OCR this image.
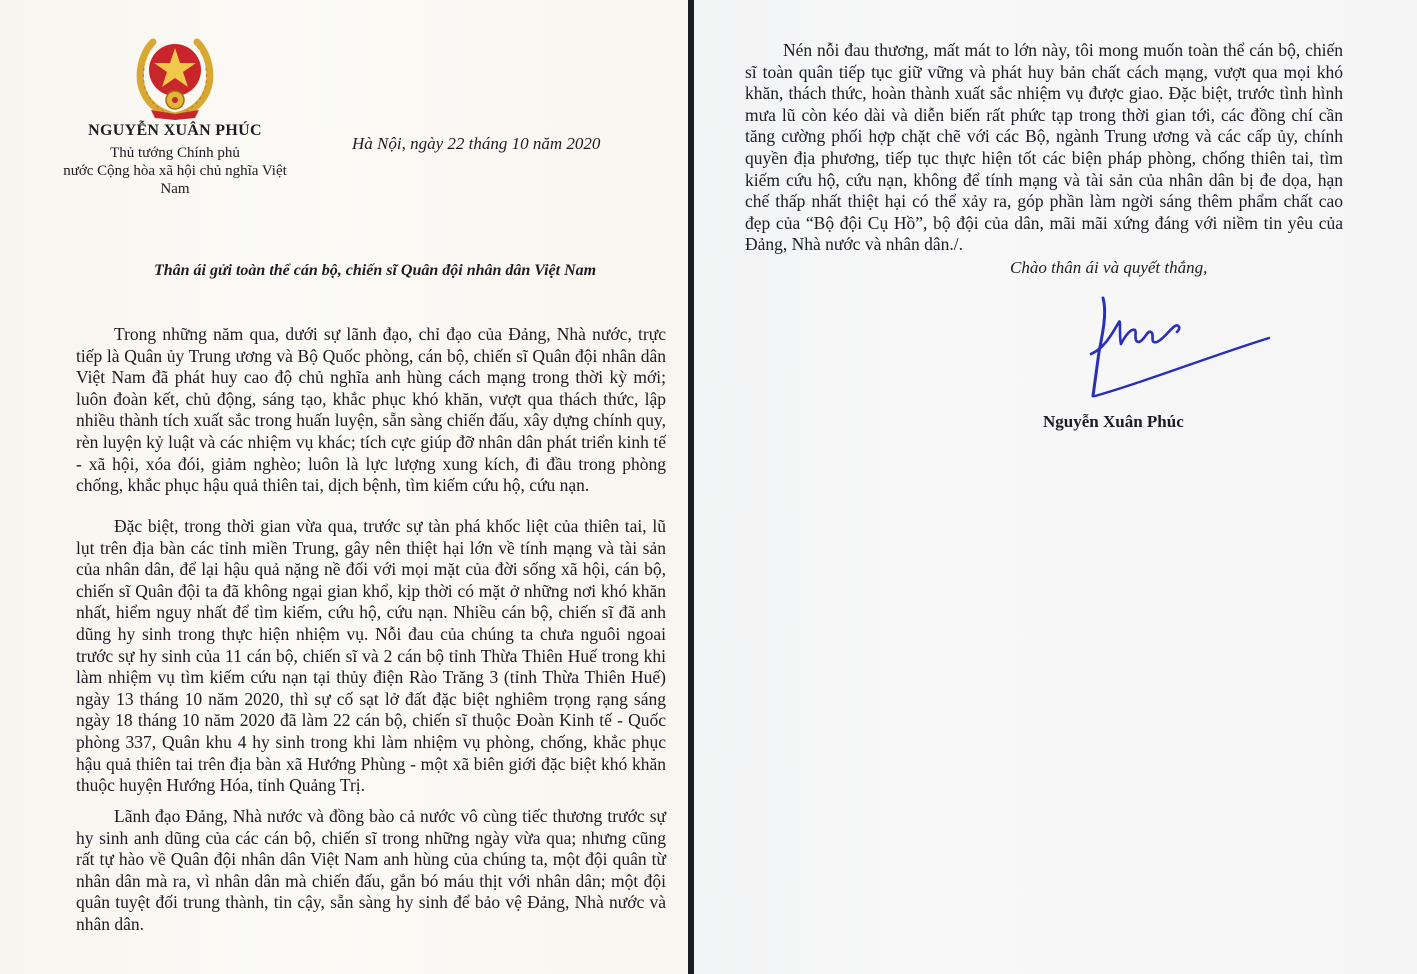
NGUYỄN XUÂN PHÚC
Thủ tướng Chính phủ
nước Cộng hòa xã hội chủ nghĩa Việt Nam
Hà Nội, ngày 22 tháng 10 năm 2020
Thân ái gửi toàn thể cán bộ, chiến sĩ Quân đội nhân dân Việt Nam
Trong những năm qua, dưới sự lãnh đạo, chỉ đạo của Đảng, Nhà nước, trực tiếp là Quân ủy Trung ương và Bộ Quốc phòng, cán bộ, chiến sĩ Quân đội nhân dân Việt Nam đã phát huy cao độ chủ nghĩa anh hùng cách mạng trong thời kỳ mới; luôn đoàn kết, chủ động, sáng tạo, khắc phục khó khăn, vượt qua thách thức, lập nhiều thành tích xuất sắc trong huấn luyện, sẵn sàng chiến đấu, xây dựng chính quy, rèn luyện kỷ luật và các nhiệm vụ khác; tích cực giúp đỡ nhân dân phát triển kinh tế - xã hội, xóa đói, giảm nghèo; luôn là lực lượng xung kích, đi đầu trong phòng chống, khắc phục hậu quả thiên tai, dịch bệnh, tìm kiếm cứu hộ, cứu nạn.
Đặc biệt, trong thời gian vừa qua, trước sự tàn phá khốc liệt của thiên tai, lũ lụt trên địa bàn các tỉnh miền Trung, gây nên thiệt hại lớn về tính mạng và tài sản của nhân dân, để lại hậu quả nặng nề đối với mọi mặt của đời sống xã hội, cán bộ, chiến sĩ Quân đội ta đã không ngại gian khổ, kịp thời có mặt ở những nơi khó khăn nhất, hiểm nguy nhất để tìm kiếm, cứu hộ, cứu nạn. Nhiều cán bộ, chiến sĩ đã anh dũng hy sinh trong thực hiện nhiệm vụ. Nỗi đau của chúng ta chưa nguôi ngoai trước sự hy sinh của 11 cán bộ, chiến sĩ và 2 cán bộ tỉnh Thừa Thiên Huế trong khi làm nhiệm vụ tìm kiếm cứu nạn tại thủy điện Rào Trăng 3 (tỉnh Thừa Thiên Huế) ngày 13 tháng 10 năm 2020, thì sự cố sạt lở đất đặc biệt nghiêm trọng rạng sáng ngày 18 tháng 10 năm 2020 đã làm 22 cán bộ, chiến sĩ thuộc Đoàn Kinh tế - Quốc phòng 337, Quân khu 4 hy sinh trong khi làm nhiệm vụ phòng, chống, khắc phục hậu quả thiên tai trên địa bàn xã Hướng Phùng - một xã biên giới đặc biệt khó khăn thuộc huyện Hướng Hóa, tỉnh Quảng Trị.
Lãnh đạo Đảng, Nhà nước và đồng bào cả nước vô cùng tiếc thương trước sự hy sinh anh dũng của các cán bộ, chiến sĩ trong những ngày vừa qua; nhưng cũng rất tự hào về Quân đội nhân dân Việt Nam anh hùng của chúng ta, một đội quân từ nhân dân mà ra, vì nhân dân mà chiến đấu, gắn bó máu thịt với nhân dân; một đội quân tuyệt đối trung thành, tin cậy, sẵn sàng hy sinh để bảo vệ Đảng, Nhà nước và nhân dân.
Nén nỗi đau thương, mất mát to lớn này, tôi mong muốn toàn thể cán bộ, chiến sĩ toàn quân tiếp tục giữ vững và phát huy bản chất cách mạng, vượt qua mọi khó khăn, thách thức, hoàn thành xuất sắc nhiệm vụ được giao. Đặc biệt, trước tình hình mưa lũ còn kéo dài và diễn biến rất phức tạp trong thời gian tới, các đồng chí cần tăng cường phối hợp chặt chẽ với các Bộ, ngành Trung ương và các cấp ủy, chính quyền địa phương, tiếp tục thực hiện tốt các biện pháp phòng, chống thiên tai, tìm kiếm cứu hộ, cứu nạn, không để tính mạng và tài sản của nhân dân bị đe dọa, hạn chế thấp nhất thiệt hại có thể xảy ra, góp phần làm ngời sáng thêm phẩm chất cao đẹp của “Bộ đội Cụ Hồ”, bộ đội của dân, mãi mãi xứng đáng với niềm tin yêu của Đảng, Nhà nước và nhân dân./.
Chào thân ái và quyết thắng,
Nguyễn Xuân Phúc
